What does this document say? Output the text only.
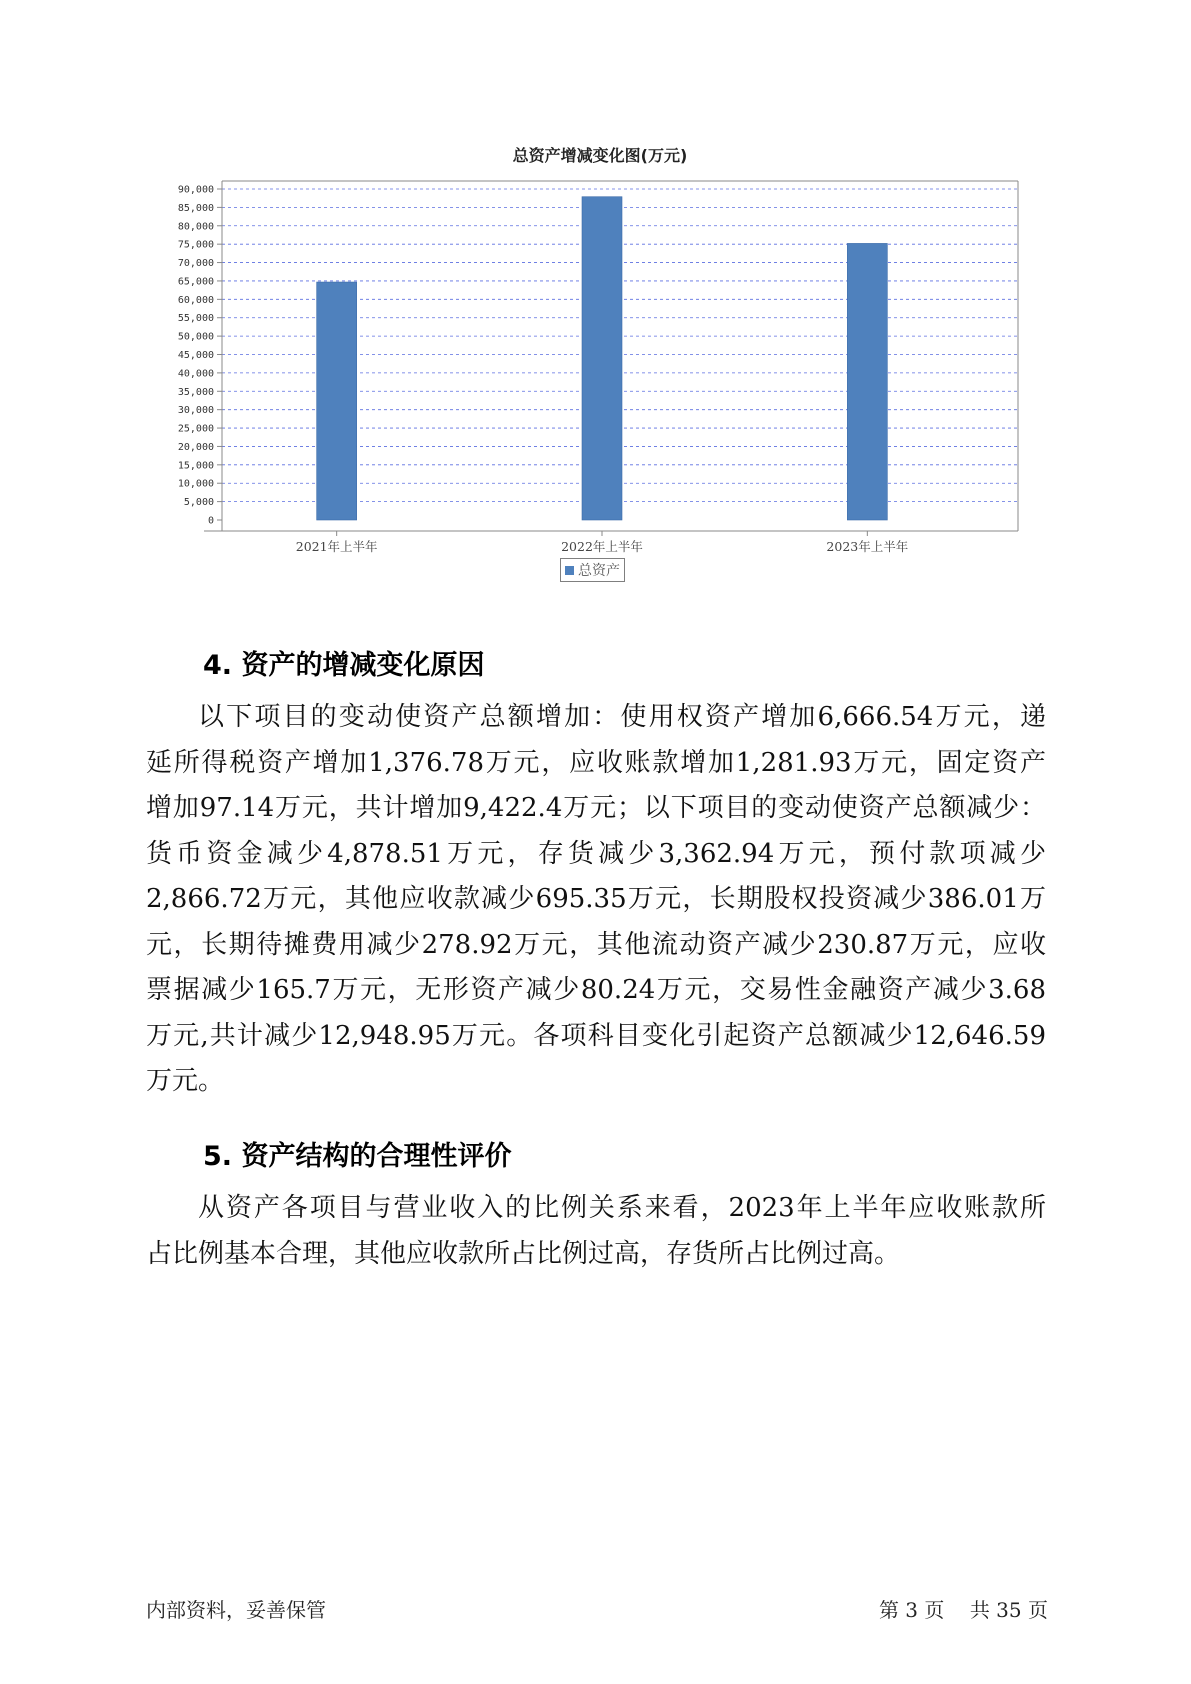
总资产增减变化图(万元)
0
5,000
10,000
15,000
20,000
25,000
30,000
35,000
40,000
45,000
50,000
55,000
60,000
65,000
70,000
75,000
80,000
85,000
90,000
2021年上半年	2022年上半年	2023年上半年
总资产
4. 资产的增减变化原因
以下项目的变动使资产总额增加：使用权资产增加6,666.54万元，递
延所得税资产增加1,376.78万元，应收账款增加1,281.93万元，固定资产
增加97.14万元，共计增加9,422.4万元；以下项目的变动使资产总额减少：
货币资金减少4,878.51万元，存货减少3,362.94万元，预付款项减少
2,866.72万元，其他应收款减少695.35万元，长期股权投资减少386.01万
元，长期待摊费用减少278.92万元，其他流动资产减少230.87万元，应收
票据减少165.7万元，无形资产减少80.24万元，交易性金融资产减少3.68
万元,共计减少12,948.95万元。各项科目变化引起资产总额减少12,646.59
万元。
5. 资产结构的合理性评价
从资产各项目与营业收入的比例关系来看，2023年上半年应收账款所
占比例基本合理，其他应收款所占比例过高，存货所占比例过高。
内部资料，妥善保管	第 3 页    共 35 页
